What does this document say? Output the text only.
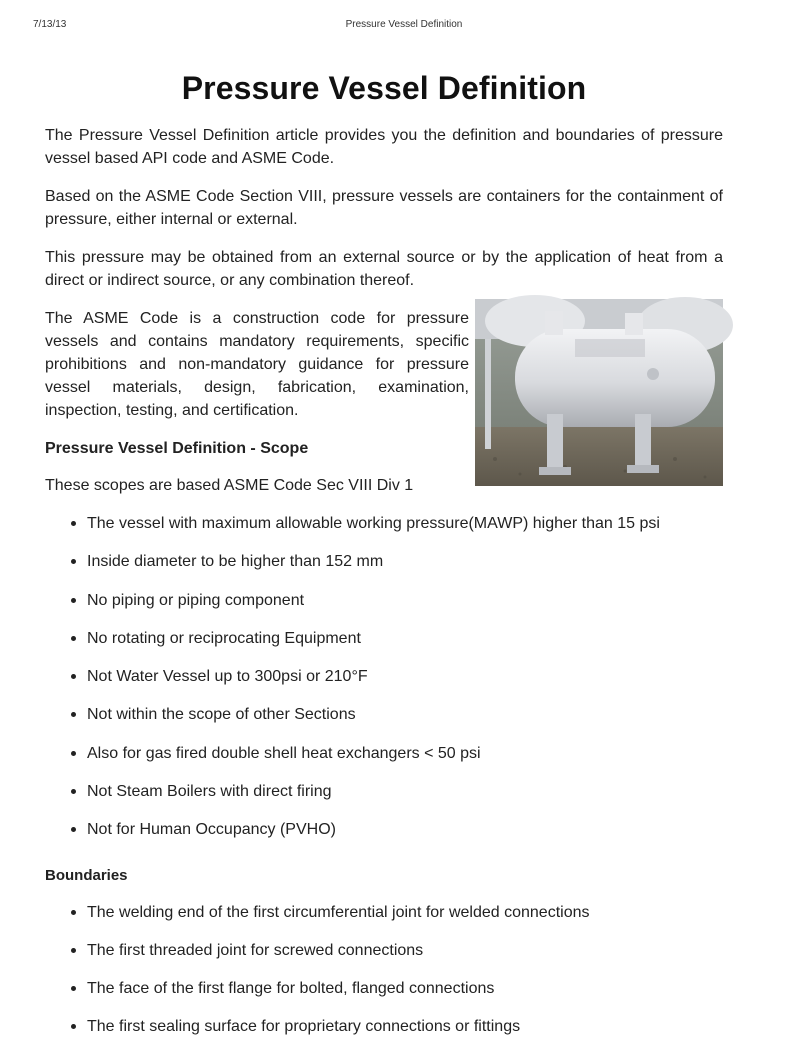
7/13/13	Pressure Vessel Definition
Pressure Vessel Definition

The Pressure Vessel Definition article provides you the definition and boundaries of pressure vessel based API code and ASME Code.

Based on the ASME Code Section VIII, pressure vessels are containers for the containment of pressure, either internal or external.

This pressure may be obtained from an external source or by the application of heat from a direct or indirect source, or any combination thereof.

The ASME Code is a construction code for pressure vessels and contains mandatory requirements, specific prohibitions and non-mandatory guidance for pressure vessel materials, design, fabrication, examination, inspection, testing, and certification.

Pressure Vessel Definition - Scope

These scopes are based ASME Code Sec VIII Div 1

The vessel with maximum allowable working pressure(MAWP) higher than 15 psi
Inside diameter to be higher than 152 mm
No piping or piping component
No rotating or reciprocating Equipment
Not Water Vessel up to 300psi or 210°F
Not within the scope of other Sections
Also for gas fired double shell heat exchangers < 50 psi
Not Steam Boilers with direct firing
Not for Human Occupancy (PVHO)
Boundaries
The welding end of the first circumferential joint for welded connections
The first threaded joint for screwed connections
The face of the first flange for bolted, flanged connections
The first sealing surface for proprietary connections or fittings
